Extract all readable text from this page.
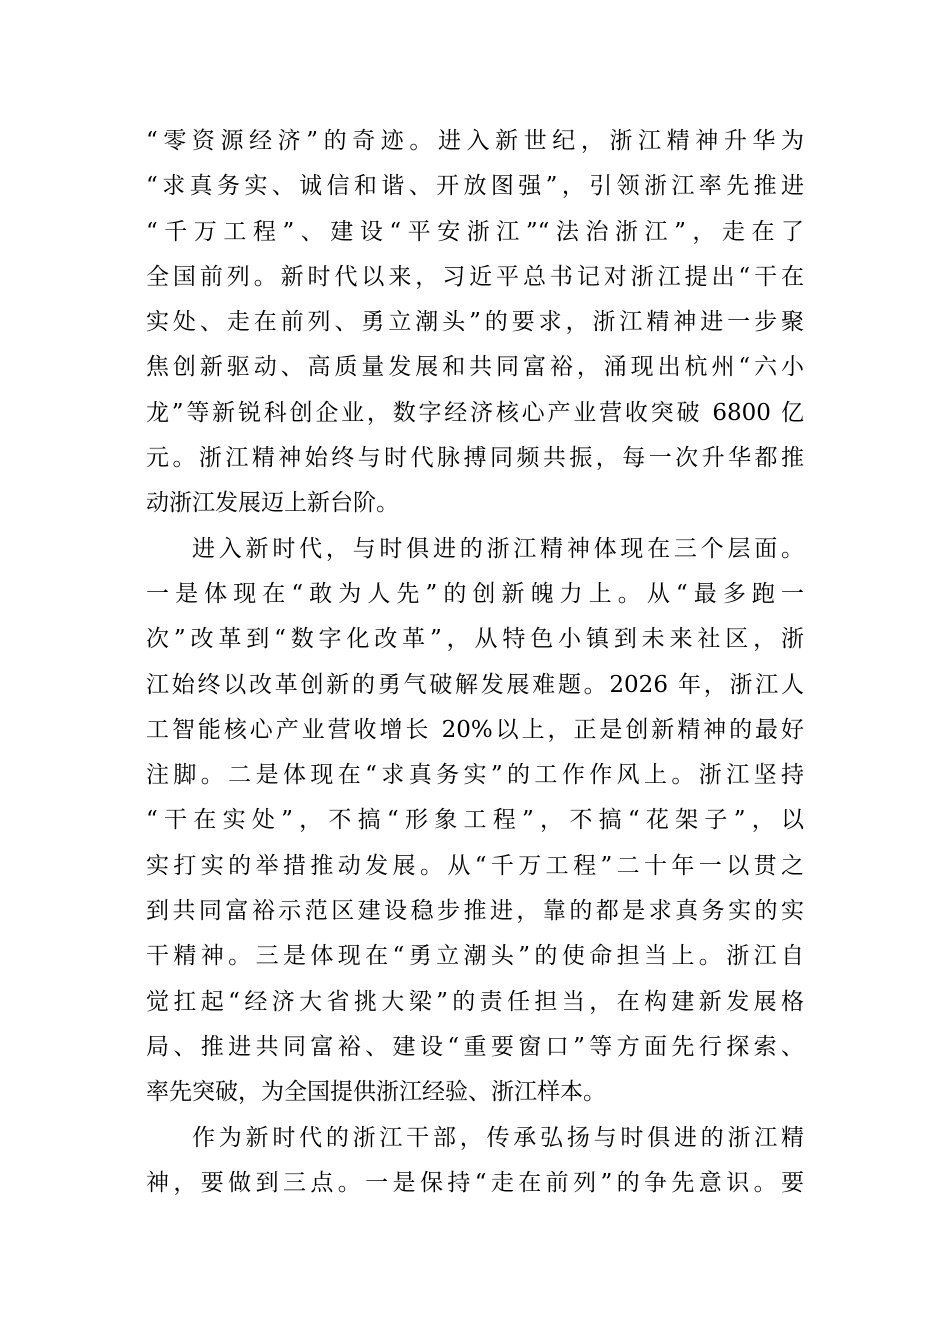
“零资源经济”的奇迹。进入新世纪，浙江精神升华为
“求真务实、诚信和谐、开放图强”，引领浙江率先推进
“千万工程”、建设“平安浙江”“法治浙江”，走在了
全国前列。新时代以来，习近平总书记对浙江提出“干在
实处、走在前列、勇立潮头”的要求，浙江精神进一步聚
焦创新驱动、高质量发展和共同富裕，涌现出杭州“六小
龙”等新锐科创企业，数字经济核心产业营收突破 6800 亿
元。浙江精神始终与时代脉搏同频共振，每一次升华都推
动浙江发展迈上新台阶。

进入新时代，与时俱进的浙江精神体现在三个层面。
一是体现在“敢为人先”的创新魄力上。从“最多跑一
次”改革到“数字化改革”，从特色小镇到未来社区，浙
江始终以改革创新的勇气破解发展难题。2026 年，浙江人
工智能核心产业营收增长 20%以上，正是创新精神的最好
注脚。二是体现在“求真务实”的工作作风上。浙江坚持
“干在实处”，不搞“形象工程”，不搞“花架子”，以
实打实的举措推动发展。从“千万工程”二十年一以贯之
到共同富裕示范区建设稳步推进，靠的都是求真务实的实
干精神。三是体现在“勇立潮头”的使命担当上。浙江自
觉扛起“经济大省挑大梁”的责任担当，在构建新发展格
局、推进共同富裕、建设“重要窗口”等方面先行探索、
率先突破，为全国提供浙江经验、浙江样本。

作为新时代的浙江干部，传承弘扬与时俱进的浙江精
神，要做到三点。一是保持“走在前列”的争先意识。要
